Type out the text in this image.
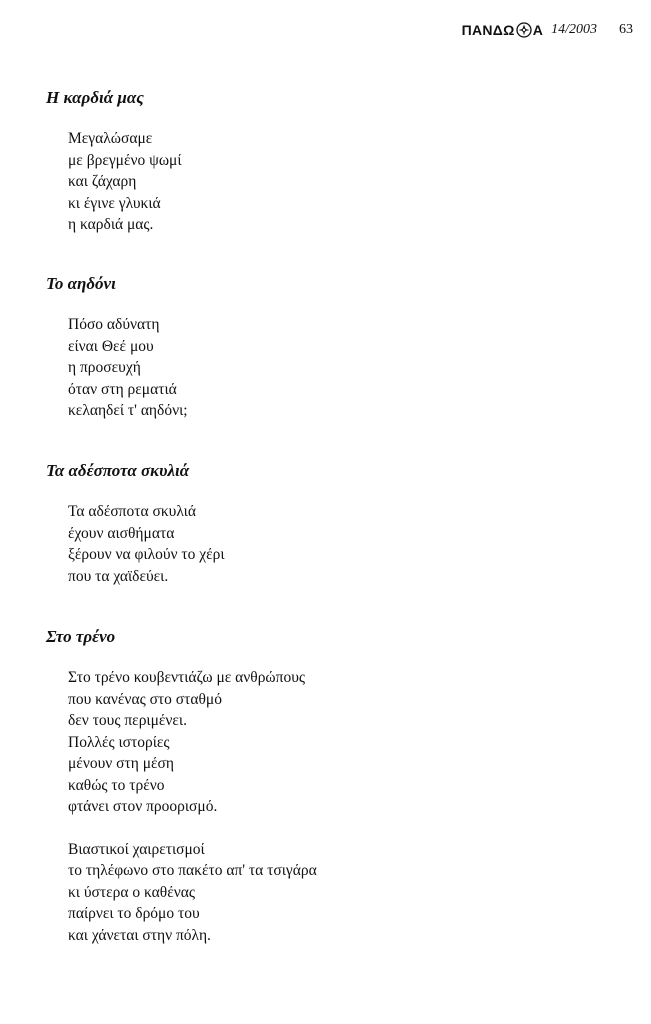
ΠΑΝΔΩ Α 14/2003 63
Η καρδιά μας
Μεγαλώσαμε
με βρεγμένο ψωμί
και ζάχαρη
κι έγινε γλυκιά
η καρδιά μας.
Το αηδόνι
Πόσο αδύνατη
είναι Θεέ μου
η προσευχή
όταν στη ρεματιά
κελαηδεί τ' αηδόνι;
Τα αδέσποτα σκυλιά
Τα αδέσποτα σκυλιά
έχουν αισθήματα
ξέρουν να φιλούν το χέρι
που τα χαϊδεύει.
Στο τρένο
Στο τρένο κουβεντιάζω με ανθρώπους
που κανένας στο σταθμό
δεν τους περιμένει.
Πολλές ιστορίες
μένουν στη μέση
καθώς το τρένο
φτάνει στον προορισμό.
Βιαστικοί χαιρετισμοί
το τηλέφωνο στο πακέτο απ' τα τσιγάρα
κι ύστερα ο καθένας
παίρνει το δρόμο του
και χάνεται στην πόλη.
